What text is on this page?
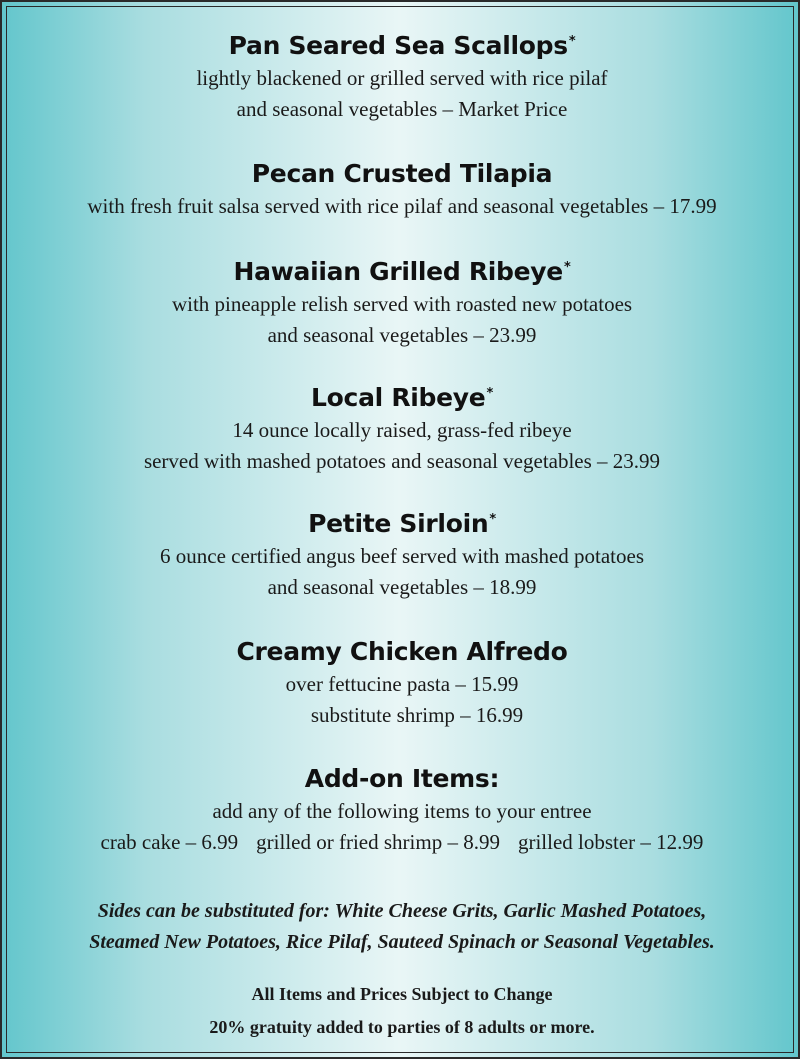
Pan Seared Sea Scallops*
lightly blackened or grilled served with rice pilaf
and seasonal vegetables – Market Price
Pecan Crusted Tilapia
with fresh fruit salsa served with rice pilaf and seasonal vegetables – 17.99
Hawaiian Grilled Ribeye*
with pineapple relish served with roasted new potatoes
and seasonal vegetables – 23.99
Local Ribeye*
14 ounce locally raised, grass-fed ribeye
served with mashed potatoes and seasonal vegetables – 23.99
Petite Sirloin*
6 ounce certified angus beef served with mashed potatoes
and seasonal vegetables – 18.99
Creamy Chicken Alfredo
over fettucine pasta – 15.99
substitute shrimp – 16.99
Add-on Items:
add any of the following items to your entree
crab cake – 6.99 grilled or fried shrimp – 8.99 grilled lobster – 12.99
Sides can be substituted for: White Cheese Grits, Garlic Mashed Potatoes,
Steamed New Potatoes, Rice Pilaf, Sauteed Spinach or Seasonal Vegetables.
All Items and Prices Subject to Change
20% gratuity added to parties of 8 adults or more.
